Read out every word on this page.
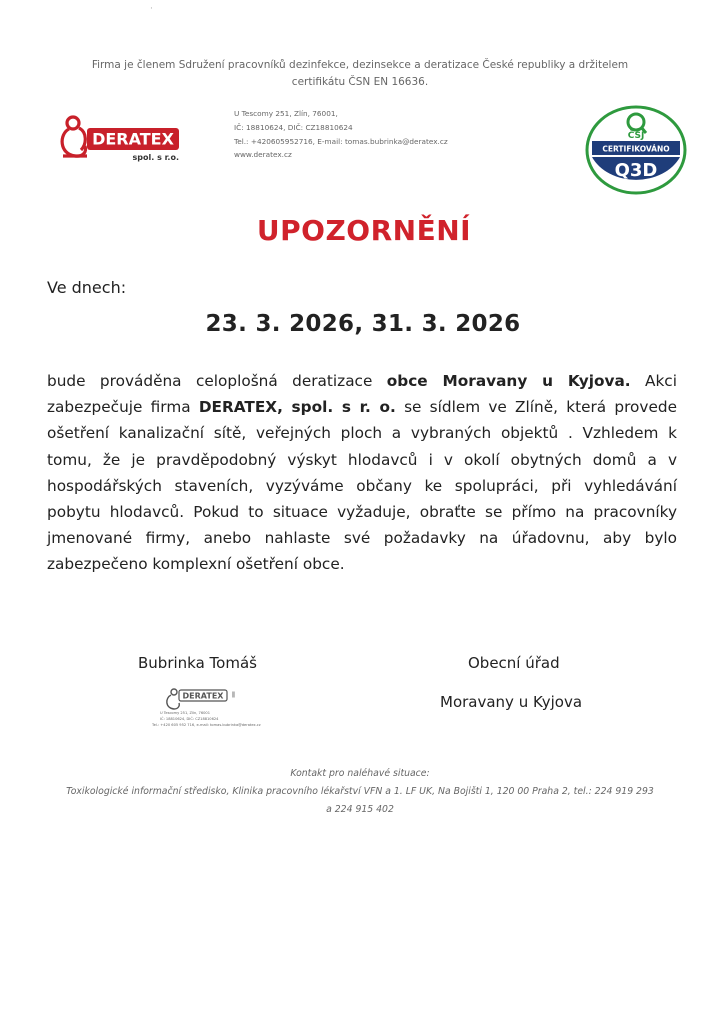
·
Firma je členem Sdružení pracovníků dezinfekce, dezinsekce a deratizace České republiky a držitelem
certifikátu ČSN EN 16636.
DERATEX
spol. s r.o.
U Tescomy 251, Zlín, 76001,
IČ: 18810624, DIČ: CZ18810624
Tel.: +420605952716, E-mail: tomas.bubrinka@deratex.cz
www.deratex.cz
ČSJ
CERTIFIKOVÁNO
Q3D
UPOZORNĚNÍ
Ve dnech:
23. 3. 2026, 31. 3. 2026
bude prováděna celoplošná deratizace obce Moravany u Kyjova. Akci zabezpečuje firma DERATEX, spol. s r. o. se sídlem ve Zlíně, která provede ošetření kanalizační sítě, veřejných ploch a vybraných objektů . Vzhledem k tomu, že je pravděpodobný výskyt hlodavců i v okolí obytných domů a v hospodářských staveních, vyzýváme občany ke spolupráci, při vyhledávání pobytu hlodavců. Pokud to situace vyžaduje, obraťte se přímo na pracovníky jmenované firmy, anebo nahlaste své požadavky na úřadovnu, aby bylo zabezpečeno komplexní ošetření obce.
Bubrinka Tomáš
DERATEX ǁ
U Tescomy 251, Zlín, 76001
IČ: 18810624, DIČ: CZ18810624
Tel.: +420 605 952 716, e-mail: tomas.bubrinka@deratex.cz
Obecní úřad
Moravany u Kyjova
Kontakt pro naléhavé situace:
Toxikologické informační středisko, Klinika pracovního lékařství VFN a 1. LF UK, Na Bojišti 1, 120 00 Praha 2, tel.: 224 919 293
a 224 915 402
